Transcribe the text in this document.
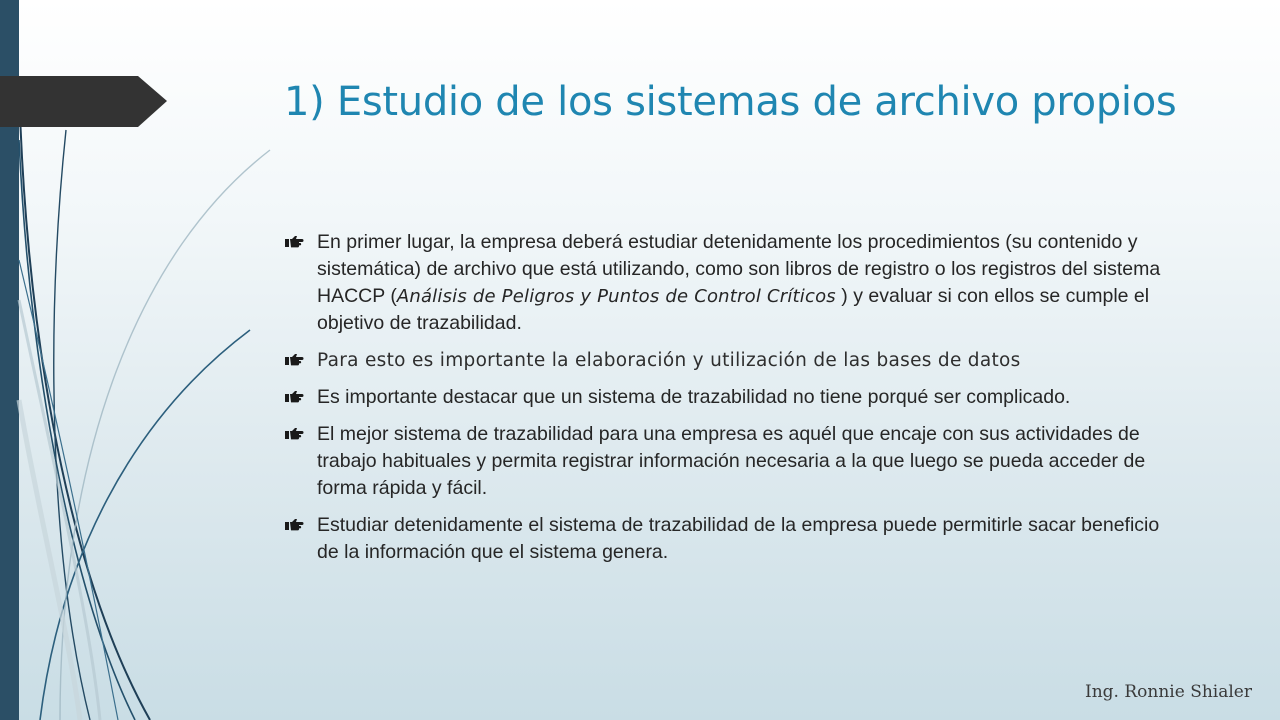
1) Estudio de los sistemas de archivo propios
En primer lugar, la empresa deberá estudiar detenidamente los procedimientos (su contenido y sistemática) de archivo que está utilizando, como son libros de registro o los registros del sistema HACCP (Análisis de Peligros y Puntos de Control Críticos ) y evaluar si con ellos se cumple el objetivo de trazabilidad.
Para esto es importante la elaboración y utilización de las bases de datos
Es importante destacar que un sistema de trazabilidad no tiene porqué ser complicado.
El mejor sistema de trazabilidad para una empresa es aquél que encaje con sus actividades de trabajo habituales y permita registrar información necesaria a la que luego se pueda acceder de forma rápida y fácil.
Estudiar detenidamente el sistema de trazabilidad de la empresa puede permitirle sacar beneficio de la información que el sistema genera.

Ing. Ronnie Shialer
